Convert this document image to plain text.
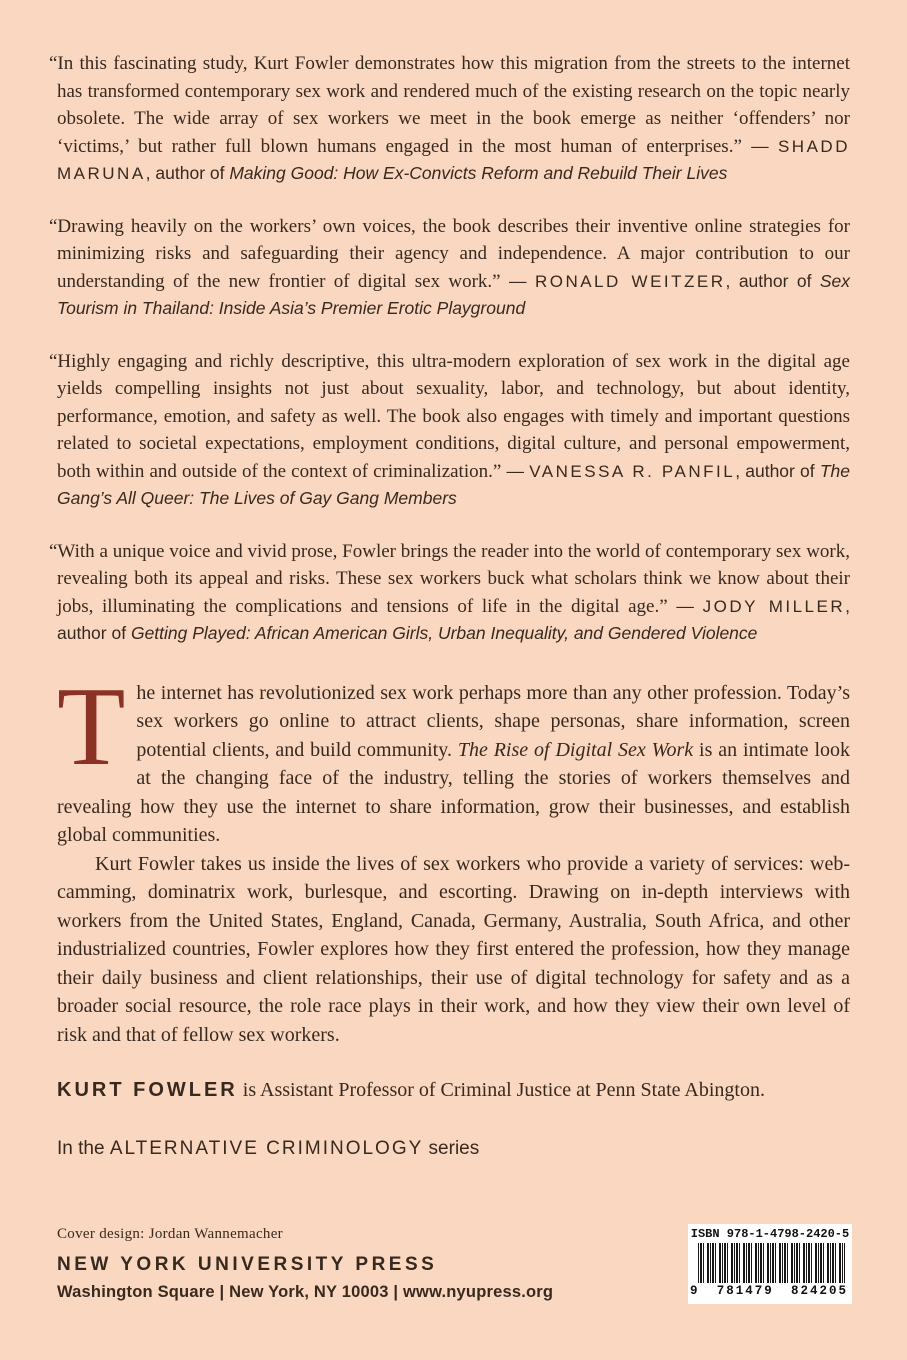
“In this fascinating study, Kurt Fowler demonstrates how this migration from the streets to the internet has transformed contemporary sex work and rendered much of the existing research on the topic nearly obsolete. The wide array of sex workers we meet in the book emerge as neither ‘offenders’ nor ‘victims,’ but rather full blown humans engaged in the most human of enterprises.” — SHADD MARUNA, author of Making Good: How Ex-Convicts Reform and Rebuild Their Lives

“Drawing heavily on the workers’ own voices, the book describes their inventive online strategies for minimizing risks and safeguarding their agency and independence. A major contribution to our understanding of the new frontier of digital sex work.” — RONALD WEITZER, author of Sex Tourism in Thailand: Inside Asia’s Premier Erotic Playground

“Highly engaging and richly descriptive, this ultra-modern exploration of sex work in the digital age yields compelling insights not just about sexuality, labor, and technology, but about identity, performance, emotion, and safety as well. The book also engages with timely and important questions related to societal expectations, employment conditions, digital culture, and personal empowerment, both within and outside of the context of criminalization.” — VANESSA R. PANFIL, author of The Gang’s All Queer: The Lives of Gay Gang Members

“With a unique voice and vivid prose, Fowler brings the reader into the world of contemporary sex work, revealing both its appeal and risks. These sex workers buck what scholars think we know about their jobs, illuminating the complications and tensions of life in the digital age.” — JODY MILLER, author of Getting Played: African American Girls, Urban Inequality, and Gendered Violence

The internet has revolutionized sex work perhaps more than any other profession. Today’s sex workers go online to attract clients, shape personas, share information, screen potential clients, and build community. The Rise of Digital Sex Work is an intimate look at the changing face of the industry, telling the stories of workers themselves and revealing how they use the internet to share information, grow their businesses, and establish global communities.

Kurt Fowler takes us inside the lives of sex workers who provide a variety of services: web-camming, dominatrix work, burlesque, and escorting. Drawing on in-depth interviews with workers from the United States, England, Canada, Germany, Australia, South Africa, and other industrialized countries, Fowler explores how they first entered the profession, how they manage their daily business and client relationships, their use of digital technology for safety and as a broader social resource, the role race plays in their work, and how they view their own level of risk and that of fellow sex workers.

KURT FOWLER is Assistant Professor of Criminal Justice at Penn State Abington.

In the ALTERNATIVE CRIMINOLOGY series

Cover design: Jordan Wannemacher

NEW YORK UNIVERSITY PRESS
Washington Square | New York, NY 10003 | www.nyupress.org
ISBN 978-1-4798-2420-5
9 781479 824205
